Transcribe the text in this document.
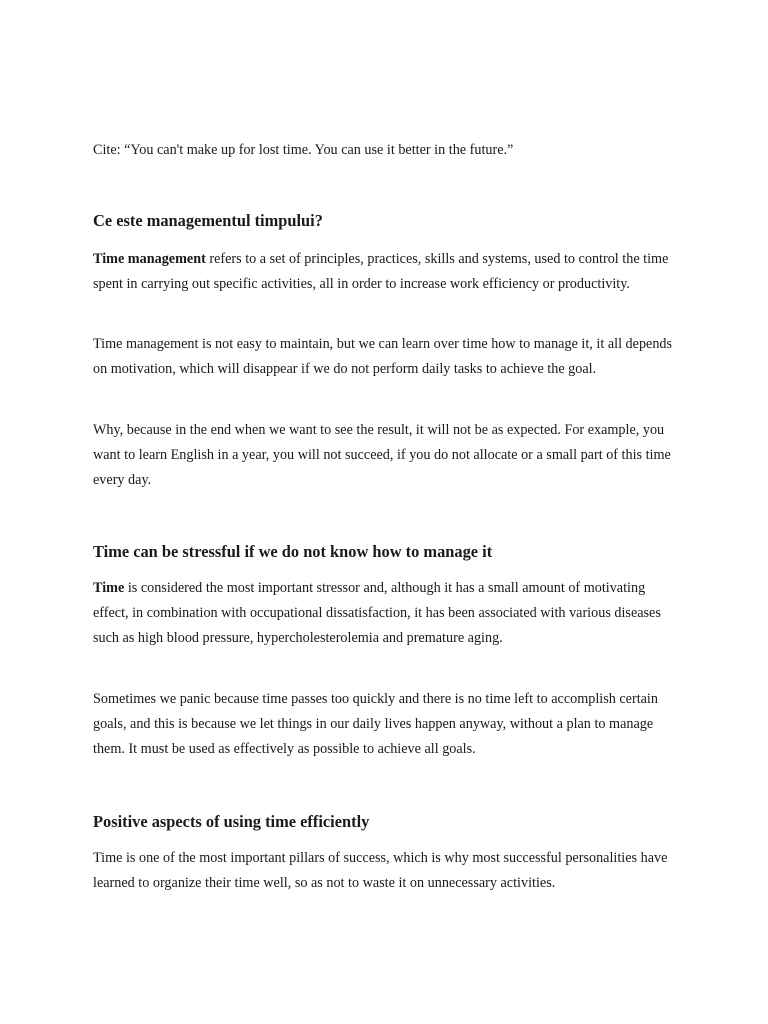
Cite: “You can't make up for lost time. You can use it better in the future.”
Ce este managementul timpului?

Time management refers to a set of principles, practices, skills and systems, used to control the time spent in carrying out specific activities, all in order to increase work efficiency or productivity.

Time management is not easy to maintain, but we can learn over time how to manage it, it all depends on motivation, which will disappear if we do not perform daily tasks to achieve the goal.

Why, because in the end when we want to see the result, it will not be as expected. For example, you want to learn English in a year, you will not succeed, if you do not allocate or a small part of this time every day.

Time can be stressful if we do not know how to manage it

Time is considered the most important stressor and, although it has a small amount of motivating effect, in combination with occupational dissatisfaction, it has been associated with various diseases such as high blood pressure, hypercholesterolemia and premature aging.

Sometimes we panic because time passes too quickly and there is no time left to accomplish certain goals, and this is because we let things in our daily lives happen anyway, without a plan to manage them. It must be used as effectively as possible to achieve all goals.

Positive aspects of using time efficiently

Time is one of the most important pillars of success, which is why most successful personalities have learned to organize their time well, so as not to waste it on unnecessary activities.
